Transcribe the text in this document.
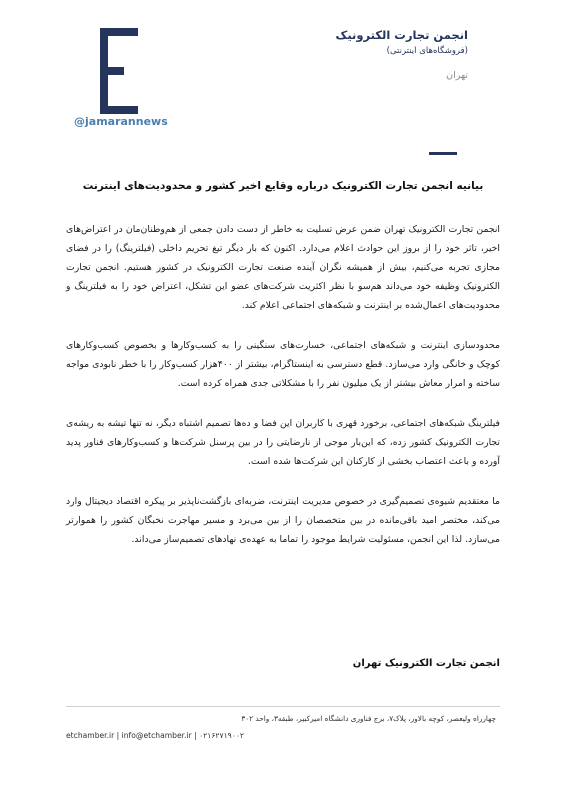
@jamarannews
انجمن تجارت الکترونیک
(فروشگاه‌های اینترنتی)
تهران
بیانیه انجمن تجارت الکترونیک درباره وقایع اخیر کشور و محدودیت‌های اینترنت

انجمن تجارت الکترونیک تهران ضمن عرض تسلیت به خاطر از دست دادن جمعی از هم‌وطنان‌مان در اعتراض‌های اخیر، تاثر خود را از بروز این حوادث اعلام می‌دارد. اکنون که بار دیگر تیغ تحریم داخلی (فیلترینگ) را در فضای مجازی تجربه می‌کنیم، بیش از همیشه نگران آینده صنعت تجارت الکترونیک در کشور هستیم. انجمن تجارت الکترونیک وظیفه خود می‌داند هم‌سو با نظر اکثریت شرکت‌های عضو این تشکل، اعتراض خود را به فیلترینگ و محدودیت‌های اعمال‌شده بر اینترنت و شبکه‌های اجتماعی اعلام کند.

محدودسازی اینترنت و شبکه‌های اجتماعی، خسارت‌های سنگینی را به کسب‌وکارها و بخصوص کسب‌وکارهای کوچک و خانگی وارد می‌سازد. قطع دسترسی به اینستاگرام، بیشتر از ۴۰۰هزار کسب‌وکار را با خطر نابودی مواجه ساخته و امرار معاش بیشتر از یک میلیون نفر را با مشکلاتی جدی همراه کرده است.

فیلترینگ شبکه‌های اجتماعی، برخورد قهری با کاربران این فضا و ده‌ها تصمیم اشتباه دیگر، نه تنها تیشه به ریشه‌ی تجارت الکترونیک کشور زده، که این‌بار موجی از نارضایتی را در بین پرسنل شرکت‌ها و کسب‌وکارهای فناور پدید آورده و باعث اعتصاب بخشی از کارکنان این شرکت‌ها شده است.

ما معتقدیم شیوه‌ی تصمیم‌گیری در خصوص مدیریت اینترنت، ضربه‌ای بازگشت‌ناپذیر بر پیکره اقتصاد دیجیتال وارد می‌کند، مختصر امید باقی‌مانده در بین متخصصان را از بین می‌برد و مسیر مهاجرت نخبگان کشور را هموارتر می‌سازد. لذا این انجمن، مسئولیت شرایط موجود را تماما به عهده‌ی نهادهای تصمیم‌ساز می‌داند.

انجمن تجارت الکترونیک تهران
چهارراه ولیعصر، کوچه بالاور، پلاک۷، برج فناوری دانشگاه امیرکبیر، طبقه۳، واحد ۳۰۲
etchamber.ir | info@etchamber.ir | ۰۲۱۶۲۷۱۹۰۰۲
